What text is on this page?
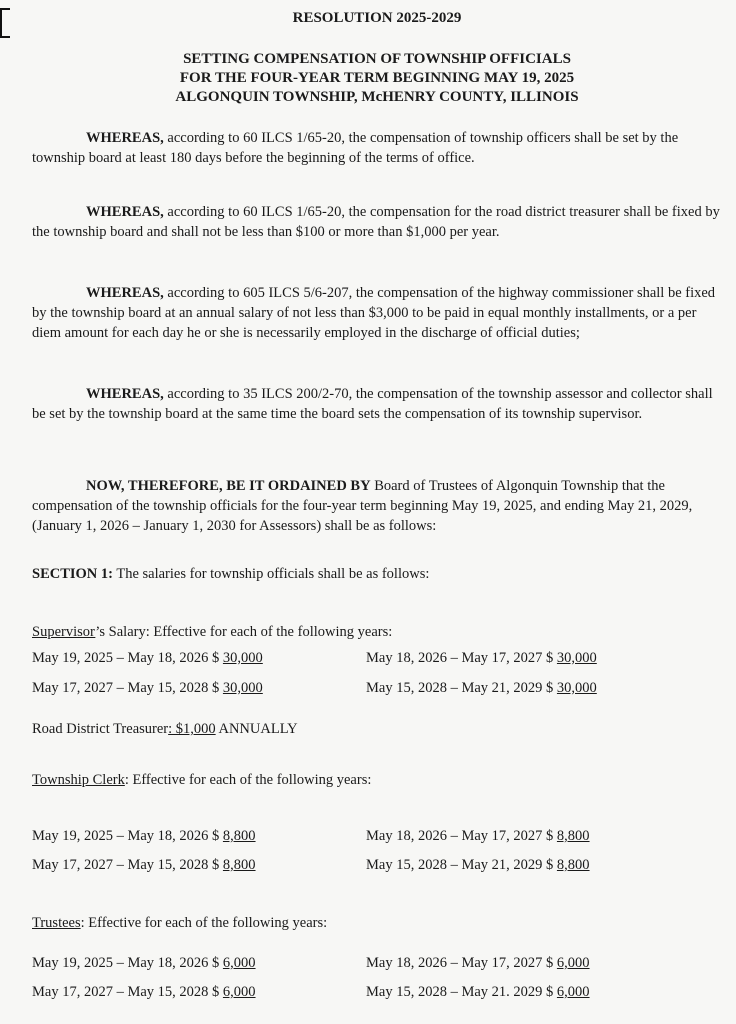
RESOLUTION 2025-2029
SETTING COMPENSATION OF TOWNSHIP OFFICIALS
FOR THE FOUR-YEAR TERM BEGINNING MAY 19, 2025
ALGONQUIN TOWNSHIP, McHENRY COUNTY, ILLINOIS
WHEREAS, according to 60 ILCS 1/65-20, the compensation of township officers shall be set by the township board at least 180 days before the beginning of the terms of office.
WHEREAS, according to 60 ILCS 1/65-20, the compensation for the road district treasurer shall be fixed by the township board and shall not be less than $100 or more than $1,000 per year.
WHEREAS, according to 605 ILCS 5/6-207, the compensation of the highway commissioner shall be fixed by the township board at an annual salary of not less than $3,000 to be paid in equal monthly installments, or a per diem amount for each day he or she is necessarily employed in the discharge of official duties;
WHEREAS, according to 35 ILCS 200/2-70, the compensation of the township assessor and collector shall be set by the township board at the same time the board sets the compensation of its township supervisor.
NOW, THEREFORE, BE IT ORDAINED BY Board of Trustees of Algonquin Township that the compensation of the township officials for the four-year term beginning May 19, 2025, and ending May 21, 2029, (January 1, 2026 – January 1, 2030 for Assessors) shall be as follows:
SECTION 1: The salaries for township officials shall be as follows:
Supervisor’s Salary: Effective for each of the following years:
May 19, 2025 – May 18, 2026 $ 30,000	May 18, 2026 – May 17, 2027 $ 30,000
May 17, 2027 – May 15, 2028 $ 30,000	May 15, 2028 – May 21, 2029 $ 30,000
Road District Treasurer: $1,000 ANNUALLY
Township Clerk: Effective for each of the following years:
May 19, 2025 – May 18, 2026 $ 8,800	May 18, 2026 – May 17, 2027 $ 8,800
May 17, 2027 – May 15, 2028 $ 8,800	May 15, 2028 – May 21, 2029 $ 8,800
Trustees: Effective for each of the following years:
May 19, 2025 – May 18, 2026 $ 6,000	May 18, 2026 – May 17, 2027 $ 6,000
May 17, 2027 – May 15, 2028 $ 6,000	May 15, 2028 – May 21. 2029 $ 6,000
